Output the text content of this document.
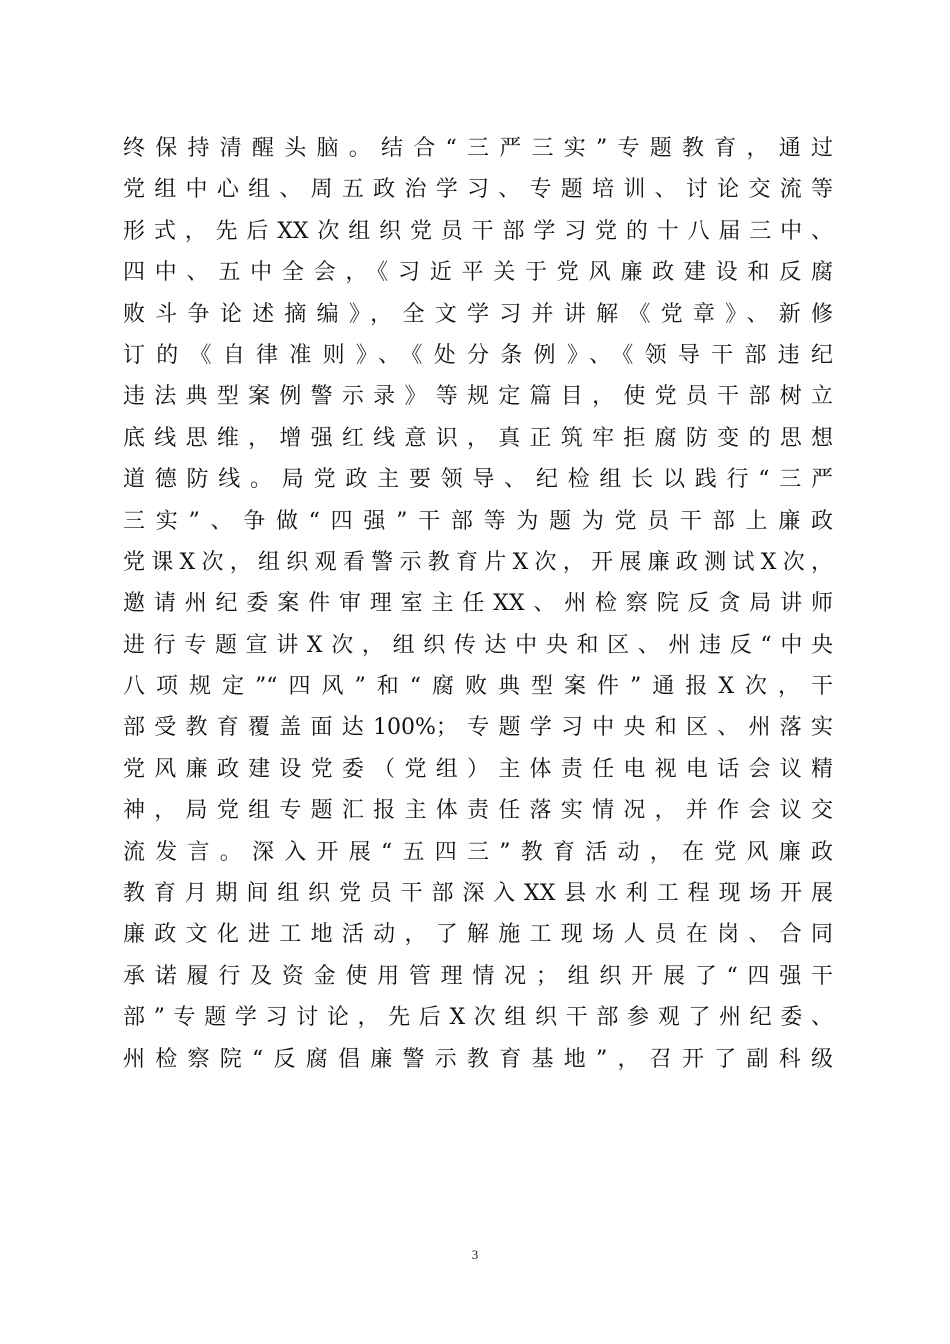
终保持清醒头脑。结合“三严三实”专题教育，通过
党组中心组、周五政治学习、专题培训、讨论交流等
形式，先后XX次组织党员干部学习党的十八届三中、
四中、五中全会，《习近平关于党风廉政建设和反腐
败斗争论述摘编》，全文学习并讲解《党章》、新修
订的《自律准则》、《处分条例》、《领导干部违纪
违法典型案例警示录》等规定篇目，使党员干部树立
底线思维，增强红线意识，真正筑牢拒腐防变的思想
道德防线。局党政主要领导、纪检组长以践行“三严
三实”、争做“四强”干部等为题为党员干部上廉政
党课X次，组织观看警示教育片X次，开展廉政测试X次，
邀请州纪委案件审理室主任XX、州检察院反贪局讲师
进行专题宣讲X次，组织传达中央和区、州违反“中央
八项规定”“四风”和“腐败典型案件”通报X次，干
部受教育覆盖面达100%；专题学习中央和区、州落实
党风廉政建设党委（党组）主体责任电视电话会议精
神，局党组专题汇报主体责任落实情况，并作会议交
流发言。深入开展“五四三”教育活动，在党风廉政
教育月期间组织党员干部深入XX县水利工程现场开展
廉政文化进工地活动，了解施工现场人员在岗、合同
承诺履行及资金使用管理情况；组织开展了“四强干
部”专题学习讨论，先后X次组织干部参观了州纪委、
州检察院“反腐倡廉警示教育基地”，召开了副科级
3
